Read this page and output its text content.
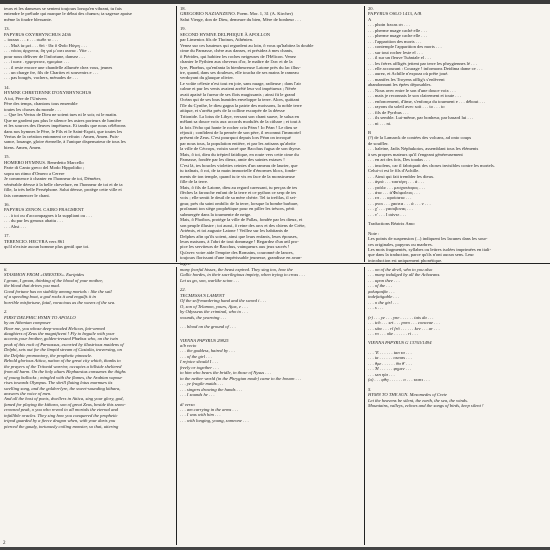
teurs et les danseurs se sentent toujours lorsqu'en vibrant, tu fais

entendre le prélude qui marque le début des chœurs; ta sagesse apaise

même la foudre blessante.

13.

PAPYRUS OXYRHYNCHUS 2436

.. ioraaa . . . ε . . . σωθε τε . . .

. . . Μαλ ἰα μεί . . . θεὶ · ἴδε ὅ Φοῖο Ηὐγεγ . . .

. . . νόσος ἀρχοντα, ὅη γαί μ᾽αιτι αυνια . Vite . .

pour nous délivrer de l'infortune, dansez . . .

. . . ἰ κατε . ηρμηνευτε, ηφομίαε . . .

. . . il reste encore une chandelle allumée chez vous, jeunes

. . . un charge fre, fils de Charites et souvenirs e . . .

. . . pas bougés, vachers, ménades de . . .

14.

HYMNE CHRETIENNE D'OXYRHYNCHUS

A toi, Père de l'Univers

Père des temps, chantons tous ensemble

toutes les choses du monde . . .

... Que les Vertus de Dieu ne soient tues ni le soir, ni le matin.

Que ne gardent pas plus le silence les astres porteurs de lumière

et les sources des fleuves impétueux. Et tandis que nous célébrons

dans nos hymnes le Père, le Fils et le Saint-Esprit, que toutes les

Vertus de la création entonnent ce refrain : Amen, Amen. Puis-

sance, louange, gloire éternelle, à l'unique dispensateur de tous les

biens. Amen, Amen.

15.

HOMERO HYMNUS. Benedetto Marcello

Parte di Canto greco del Modo Hippolidio ;

sopra un ritmo d'Omero a Cerere

Je commence à chanter en l'honneur de toi, Déméter,

vénérable déesse à la belle chevelure, en l'honneur de toi et de ta

fille, la très belle Perséphone. Salut déesse, protège cette ville et

fais commencer le chant.

16.

PAPYRUS ZENON. CAIRO FRAGMENT

. . . à toi ou d'accompagnes à la suppliant ou . . .

. . . du pur les genoux abattu . . .

. . . Ahst . . .

17.

TERENCIO. HECYRA vers 861

qu'il n'existe aucun homme plus gentil que toi.

18.

GREGORIO NAZIANZENO. Poem. Mor. 1, 31 (A. Kircher)

Salut Vierge, don de Dieu, demeure du bien, Mère de bonheur . . .

19.

SECOND HYMNE DELPHIQUE À APOLLON

par Limenios fils de Thoinos, Athénien.

Venez sur ces hauteurs qui regardent au loin, ô vous qu'habitez la double

cime du Parnasse, chère aux danses, et présidez à mes chants,

ô Piérides, qui habitez les roches neigeuses de l'Hélicon. Venez

chanter le Pythien aux cheveux d'or, le maître de l'arc et de la

lyre, Phœbus, qu'enfanta la bienheureuse Latone près du lac illus-

tre, quand, dans ses douleurs, elle toucha de ses mains le rameau

verdoyant du glauque olivier.

Le voûte céleste n'est tout en joie, sans nuage, radieuse ; dans l'air

calme et pur les vents avaient arrêté leur vol impétueux ; Nérée

avait apaisé la fureur de ses flots mugissants ; ainsi fit le grand

Océan qui de ses bras humides enveloppe la terre. Alors, quittant

l'île du Cynthe, le dieu gagna la patrie des moissons, la noble terre

attique, et s'arrêta près de la colline escarpée de la déesse

Tritonide. La lotus de Libye, versant son chant suave, le salua en

mêlant sa douce voix aux accords modulés de la cithare ; et tout à

la fois l'écho qui hante le rocher cria Péan ! Io Péan ! Le dieu se

réjouit ; confident de la pensée de son père, il reconnut l'immortel

présent de Zeus. C'est pourquoi depuis lors Péan on invoqué

par nous tous, la population entière, et par les artisans qu'abrite

la ville de Cécrops, voisin sacré que Bacchus fugua de son thyrse.

Mais, ô toi, dieu du trépied fatidique, en route vers cette cime du

Parnasse, fondée par les dieux, amie des saintes extases !

C'est là, tes boucles violettes ceintes d'un rameau de laurier, que

tu traînais, ô roi, de ta main immortelle d'énormes blocs, fonde-

ments de ton temple, quand tu te vis en face de la monstrueuse

fille de la terre.

Mais, ô fils de Latone, dieu au regard caressant, tu perças de tes

flèches la farouche enfant de la terre et ce python ce serp de tes

voix ; elle sentit le deuil de sa mère chérie. Tel ta trefilas, il sei-

gnur, près du saint ombilic de la terre, lorsque la bombe barbare,

profanant ton siège prophétique pour en piller les trésors, périt

submergée dans la tourmente de neige.

Mais, ô Phoibos, protège la ville de Pallas, fondée par les dieux, et

son peuple illustre ; toi aussi, ô reine des arcs et des chiens de Crète,

Artémis, et toi auguste Latone ! Veillez sur les habitants de

Delphes afin qu'ils soient, ainsi que leurs enfants, leurs épouses,

leurs maisons, à l'abri de tout dommage ! Regardez d'un œil pro-

pice les serviteurs de Bacchus, vainqueurs aux jeux sacrés !

Qu'avec votre aide l'empire des Romains, couronné de lances,

toujours florissant d'une impérissable jeunesse, grandisse en avan-

20.

PAPYRUS OSLO 1413, A/B

A

. . . phoin fracas στ . . .

. . . pherme nuage cachè elle . . .

. . . pherme nuage cache elle . . .

. . . l'apparition des morts . . .

. . . contemple l'apparition des morts . . .

. . . sur tout rocher leste el . . .

. . . il sur un fleuve Tuàntale el . . .

. . . les frères affligés jettent par terre les phrygiennes lé . . .

. . . elle accourant : Courage ! informons Deidima dame ce . . .

. . . aurez, et Achille n'expoza où prête joué.

. . . manifes les Troyens afflig's s'enlèvent

abandonnant les épées déposables.

. . . Nous avec entre le son d'une douce voix . . .

. . . mais je reconnais le son clairement et toute . . .

. . . enfoncement, d'âme, s'enfonça du tourment e . . . débout . . .

. . . rayons du soleil avec soit . . . to . . . to

. . . fils de Pyrrhus . . .

. . . ils semble. Lui-même, par bonheur, par hasard lui . . .

. . . ni . . . ni.

B

(?) de la Lamarck de contées des volcans, ad onto coups

de souffler.

. . . haleine, Jadis Néphukotos, assemblant tous les éléments

à ses propres mateurs qu'il t'engeant généreusement

. . . en art des fois, Des toadas . . .

. . . insolens, car il fabriquait des choses invisibles contre les mortels.

Celui-ci est le fils d'Achille.

. . . Ainsi qui fait trembler les dieux.

. . . ἀγεά . . . ταστέρη . . . ά . . .

. . . γσάλε . . . μεσχυπέαρος . . .

. . . άτα . . . ά'Φιόφαλτος . . .

. . . επ . . . αροίσατα . . .

. . . ρνοι . . . χασιτα . . . ά . . . ν . . .

. . . χ' . . . γασυβονας . . .

. . . ν' . . . Ι σάντε . . .

Traductions Béatrix Amo

Note :

Les points de suspension (...) indiquent les lacunes dans les sour-

ces originales, papyrus ou marbres.

Les mots fragmentés, syllabes ou lettres isolées imprimées en itali-

que dans la traduction, parce qu'ils n'ont aucun sens. Leur

introduction est uniquement phonétique.

6.

STASIMON FROM «ORESTES». Euripides

I groan, I groan, thinking of the blood of your mother,

the blood that drives you mad.

Good fortune has no stability among mortals : like the sail

of a speeding boat, a god rocks it and engulfs it in

horrible misfortune, fatal, voracious as the waves of the sea.

2.

FIRST DELPHIC HYMN TO APOLLO

by an Athenian composer

Hear me, you whose deep-wooded Helicon, fair-armed

daughters of Zeus the magnificent ! Fly to beguile with your

accents your brother, golden-tressed Phœbus who, on the twin

peak of this rock of Parnassus, escorted by illustrious maidens of

Delphi, sets out for the limpid stream of Castalia, traversing, on

the Delphic promontory, the prophetic pinnacle.

Behold glorious Attica, nation of the great city which, thanks to

the prayers of the Tritonid warrior, occupies a hillside sheltered

from all harm. On the holy altars Hephaestus consumes the thighs

of young bullocks ; mingled with the flames, the Arabian vapour

rises towards Olympus. The shrill fluting lotus murmurs its

swelling song, and the golden-lyre, the sweet-sounding kithara,

answers the voice of men.

And all the host of poets, dwellers in Attica, sing your glory, god,

famed for playing the kithara, son of great Zeus, beside this snow-

crowned peak, o you who reveal to all mortals the eternal and

infallible oracles. They sing how you conquered the prophetic

tripod guarded by a fierce dragon when, with your darts you

pierced the gaudy, tortuously coiling monster, so that, uttering

many fearful hisses, the beast expired. They sing too, how the

Gallic hordes, in their sacrilegious impiety, when trying to cross . . .

Let us go, son, warlike scion . . .

22.

TECMESSA'S LAMENT

Of the self-murdering hand and the sword i . . .

O, son of Telamon, yours, Ajax, e . . .

by Odysseus the criminal, who to . . .

wounds, the yearning . . .

. . . blood on the ground of . . .

VIENNA PAPYRUS 29825

a/b recto

. . . the goddess, haired by . . .

. . . of the girl . . .

I rejoice should I . . .

freely or together . . .

to him who bears the bridle, in those of Nysus . . .

to the nether world (in the Phrygian mode) came to the bosom . . .

. . . ye fragile maids . . .

. . . singers drawing the hands . . .

. . . I sounds he . . .

d/ verso

. . . am carrying in the arms . . .

. . . I was with him . . .

. . . with longing, young, someone . . .

. . . on of the devil, who to you also

. . . many indulged by all the Achaeans.

. . . upon thee . . .

. . . of the . . .

ραλαμαιβα . . .

indefatigable . . .

. . . o the girl . . .

. . . s . . .

(r) . . . ye . . . yne . . . . . . tais da . . .

. . . tch . . . srt . . . poro . . . conceae . . .

. . . sāw . . . rī frō . . . . . . kev . . . ar . . .

. . . ro . . . oke . . . . . . ri . . .

VIENNA PAPYRUS G 13763/1494

. . . Ἔ . . . . . . tan τα . . .

. . . ta . . . . . . oseιαs . . .

. . . θρε . . . . . . θα θ' . . .

. . . Ἡ . . . . . . φημεν . . .

. . . sεn ηἰα . . .

(a) . . . φθη . . . . . . ο . . . τκατι . . .

5.

HYMN TO THE SUN. Mesomedes of Crete

Let the heavens be silent, the earth, the sea, the winds.

Mountains, valleys, echoes and the songs of birds, keep silent !

2
